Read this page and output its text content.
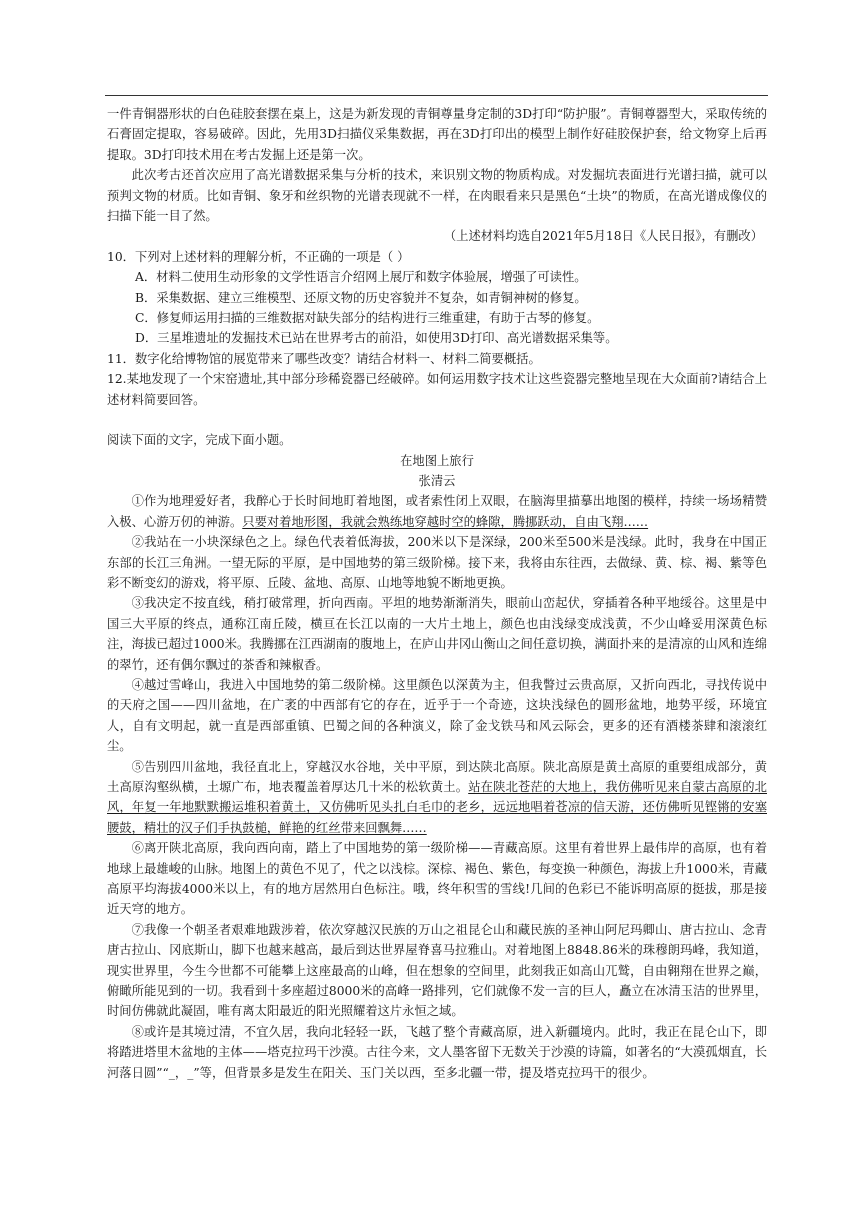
一件青铜器形状的白色硅胶套摆在桌上，这是为新发现的青铜尊量身定制的3D打印“防护服”。青铜尊器型大，采取传统的石膏固定提取，容易破碎。因此，先用3D扫描仪采集数据，再在3D打印出的模型上制作好硅胶保护套，给文物穿上后再提取。3D打印技术用在考古发掘上还是第一次。

此次考古还首次应用了高光谱数据采集与分析的技术，来识别文物的物质构成。对发掘坑表面进行光谱扫描，就可以预判文物的材质。比如青铜、象牙和丝织物的光谱表现就不一样，在肉眼看来只是黑色“土块”的物质，在高光谱成像仪的扫描下能一目了然。

（上述材料均选自2021年5月18日《人民日报》，有删改）

10．下列对上述材料的理解分析，不正确的一项是（ ）

A．材料二使用生动形象的文学性语言介绍网上展厅和数字体验展，增强了可读性。

B．采集数据、建立三维模型、还原文物的历史容貌并不复杂，如青铜神树的修复。

C．修复师运用扫描的三维数据对缺失部分的结构进行三维重建，有助于古琴的修复。

D．三星堆遗址的发掘技术已站在世界考古的前沿，如使用3D打印、高光谱数据采集等。

11．数字化给博物馆的展览带来了哪些改变？请结合材料一、材料二简要概括。

12.某地发现了一个宋窑遗址,其中部分珍稀瓷器已经破碎。如何运用数字技术让这些瓷器完整地呈现在大众面前?请结合上述材料简要回答。

阅读下面的文字，完成下面小题。

在地图上旅行

张清云

①作为地理爱好者，我醉心于长时间地盯着地图，或者索性闭上双眼，在脑海里描摹出地图的模样，持续一场场精赞入极、心游万仞的神游。只要对着地形图，我就会熟练地穿越时空的蜂隙，腾挪跃动，自由飞翔……

②我站在一小块深绿色之上。绿色代表着低海拔，200米以下是深绿，200米至500米是浅绿。此时，我身在中国正东部的长江三角洲。一望无际的平原，是中国地势的第三级阶梯。接下来，我将由东往西，去做绿、黄、棕、褐、紫等色彩不断变幻的游戏，将平原、丘陵、盆地、高原、山地等地貌不断地更换。

③我决定不按直线，稍打破常理，折向西南。平坦的地势渐渐消失，眼前山峦起伏，穿插着各种平地绥谷。这里是中国三大平原的终点，通称江南丘陵，横亘在长江以南的一大片土地上，颜色也由浅绿变成浅黄，不少山峰妥用深黄色标注，海拔已超过1000米。我腾挪在江西湖南的腹地上，在庐山井冈山衡山之间任意切换，满面扑来的是清凉的山风和连绵的翠竹，还有偶尔飘过的茶香和辣椒香。

④越过雪峰山，我进入中国地势的第二级阶梯。这里颜色以深黄为主，但我瞥过云贵高原，又折向西北，寻找传说中的天府之国——四川盆地，在广袤的中西部有它的存在，近乎于一个奇迹，这块浅绿色的圆形盆地，地势平绥，环境宜人，自有文明起，就一直是西部重镇、巴蜀之间的各种演义，除了金戈铁马和风云际会，更多的还有酒楼茶肆和滚滚红尘。

⑤告别四川盆地，我径直北上，穿越汉水谷地，关中平原，到达陕北高原。陕北高原是黄土高原的重要组成部分，黄土高原沟壑纵横，土塬广布，地表覆盖着厚达几十米的松软黄土。站在陕北苍茫的大地上，我仿佛听见来自蒙古高原的北风，年复一年地默默搬运堆积着黄土，又仿佛听见头扎白毛巾的老乡，远远地唱着苍凉的信天游，还仿佛听见铿锵的安塞腰鼓，精壮的汉子们手执鼓槌，鲜艳的红丝带来回飘舞……

⑥离开陕北高原，我向西向南，踏上了中国地势的第一级阶梯——青藏高原。这里有着世界上最伟岸的高原，也有着地球上最雄峻的山脉。地图上的黄色不见了，代之以浅棕。深棕、褐色、紫色，每变换一种颜色，海拔上升1000米，青藏高原平均海拔4000米以上，有的地方居然用白色标注。哦，终年积雪的雪线!几间的色彩已不能诉明高原的挺拔，那是接近天穹的地方。

⑦我像一个朝圣者艰难地跋涉着，依次穿越汉民族的万山之祖昆仑山和藏民族的圣神山阿尼玛卿山、唐古拉山、念青唐古拉山、冈底斯山，脚下也越来越高，最后到达世界屋脊喜马拉雅山。对着地图上8848.86米的珠穆朗玛峰，我知道，现实世界里，今生今世都不可能攀上这座最高的山峰，但在想象的空间里，此刻我正如高山兀鹫，自由翱翔在世界之巅，俯瞰所能见到的一切。我看到十多座超过8000米的高峰一路排列，它们就像不发一言的巨人，矗立在冰清玉洁的世界里，时间仿佛就此凝固，唯有离太阳最近的阳光照耀着这片永恒之域。

⑧或许是其境过清，不宜久居，我向北轻轻一跃，飞越了整个青藏高原，进入新疆境内。此时，我正在昆仑山下，即将踏进塔里木盆地的主体——塔克拉玛干沙漠。古往今来，文人墨客留下无数关于沙漠的诗篇，如著名的“大漠孤烟直，长河落日圆”“_，_”等，但背景多是发生在阳关、玉门关以西，至多北疆一带，提及塔克拉玛干的很少。
